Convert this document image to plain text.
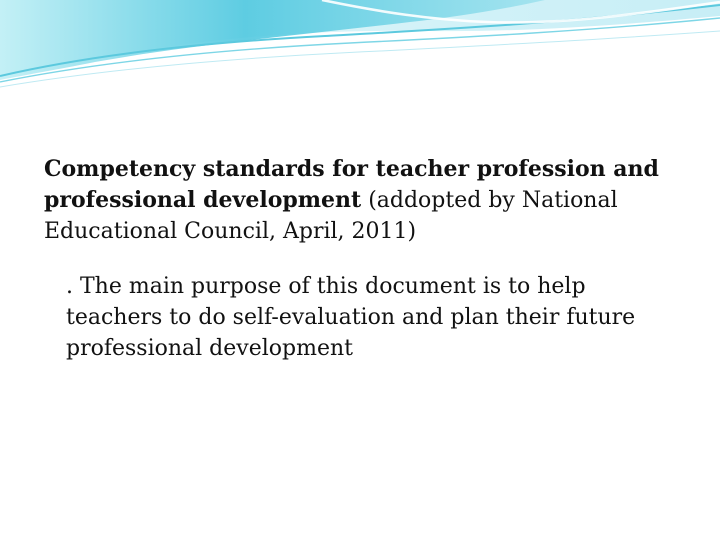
Competency standards for teacher profession and professional development (addopted by National Educational Council, April, 2011)

. The main purpose of this document is to help teachers to do self-evaluation and plan their future professional development
